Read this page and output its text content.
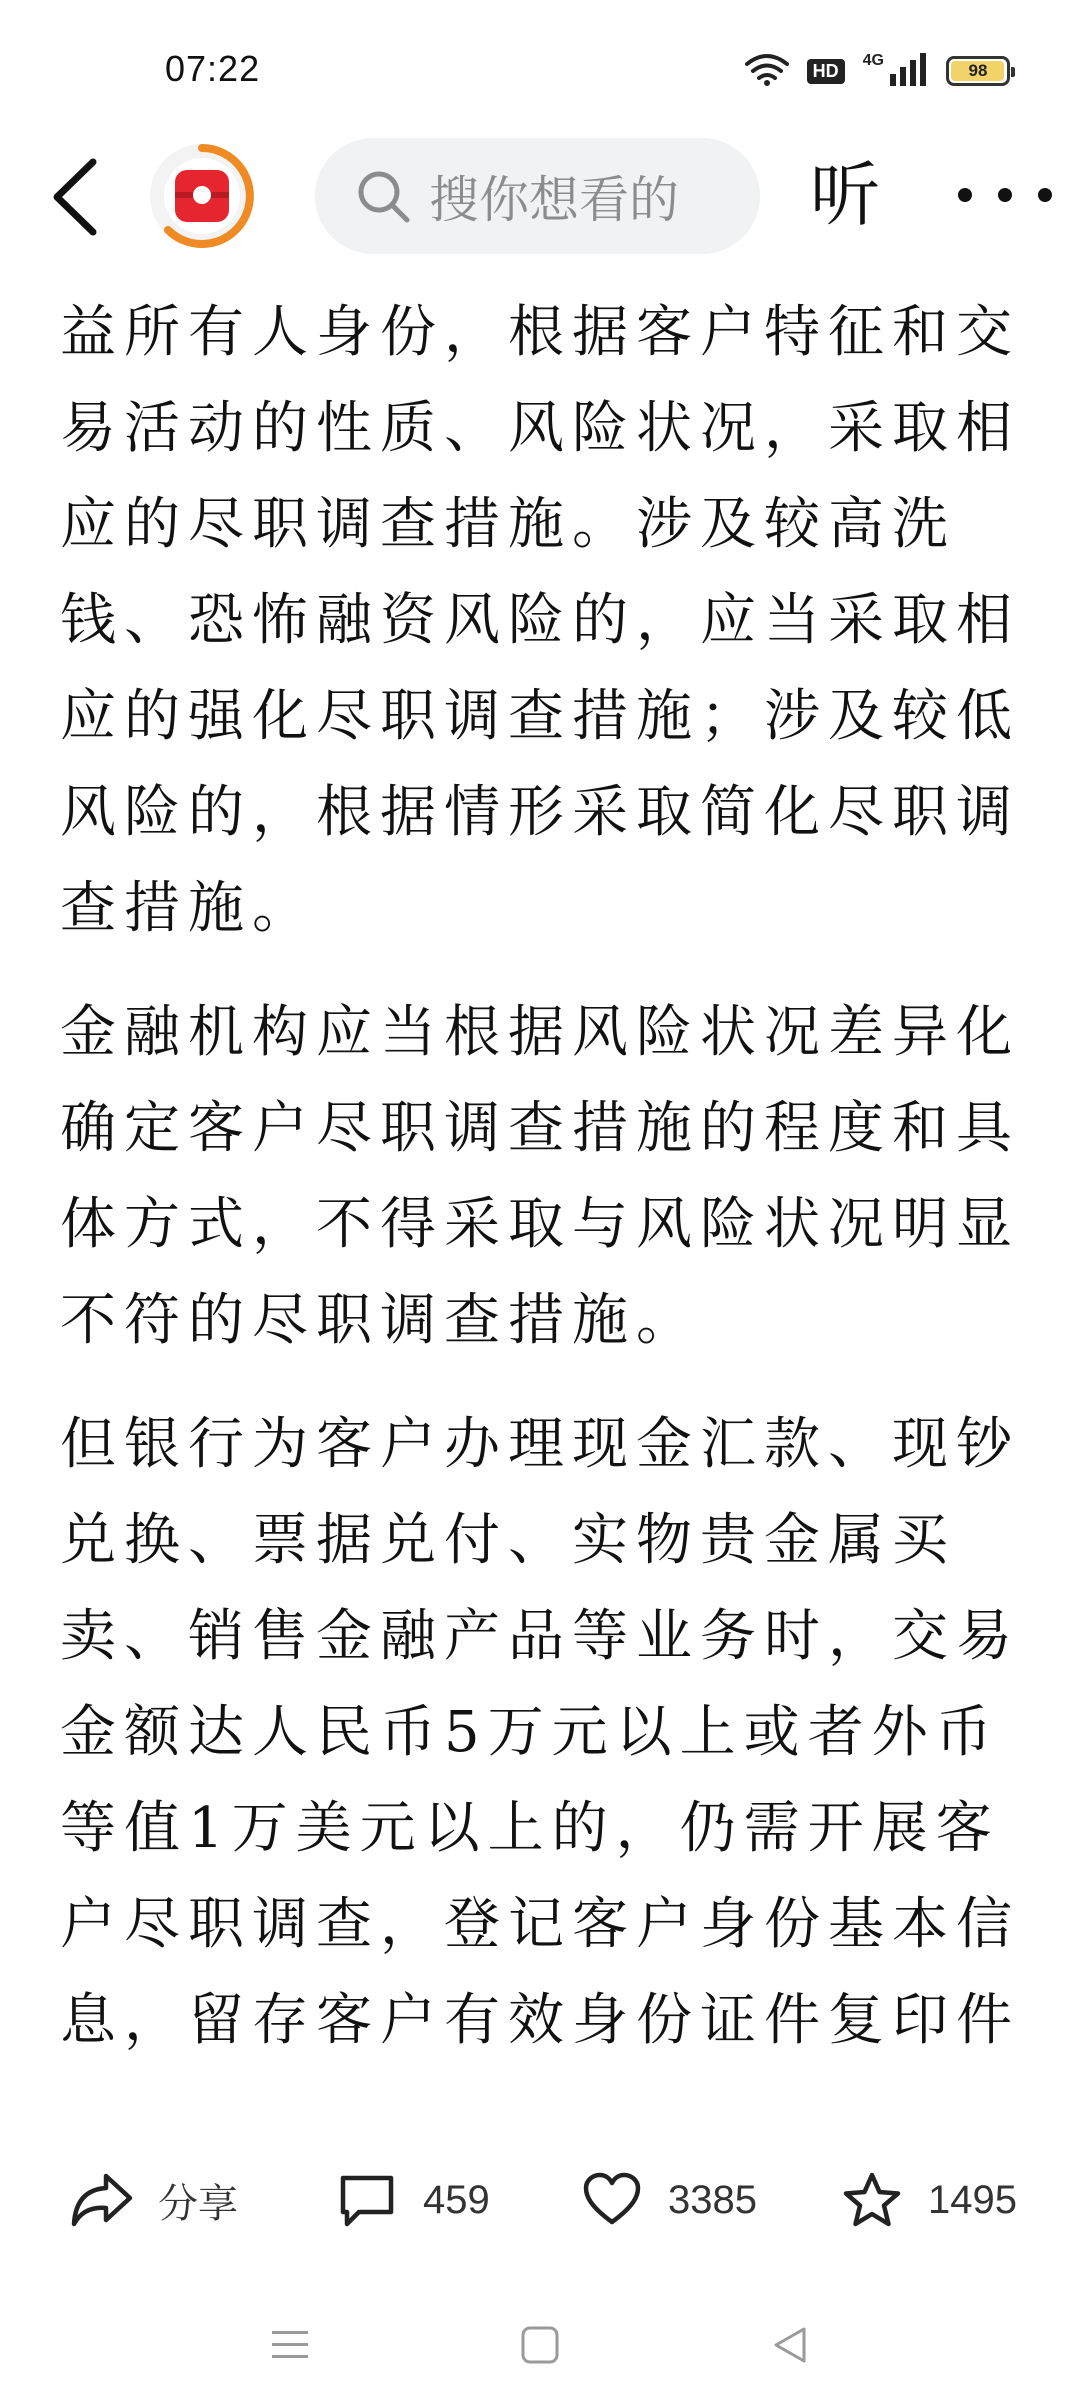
07:22	HD	4G
98
搜你想看的 听

益所有人身份，根据客户特征和交易活动的性质、风险状况，采取相应的尽职调查措施。涉及较高洗钱、恐怖融资风险的，应当采取相应的强化尽职调查措施；涉及较低风险的，根据情形采取简化尽职调查措施。

金融机构应当根据风险状况差异化确定客户尽职调查措施的程度和具体方式，不得采取与风险状况明显不符的尽职调查措施。

但银行为客户办理现金汇款、现钞兑换、票据兑付、实物贵金属买卖、销售金融产品等业务时，交易金额达人民币5万元以上或者外币等值1万美元以上的，仍需开展客户尽职调查，登记客户身份基本信息，留存客户有效身份证件复印件

分享	459	3385	1495
